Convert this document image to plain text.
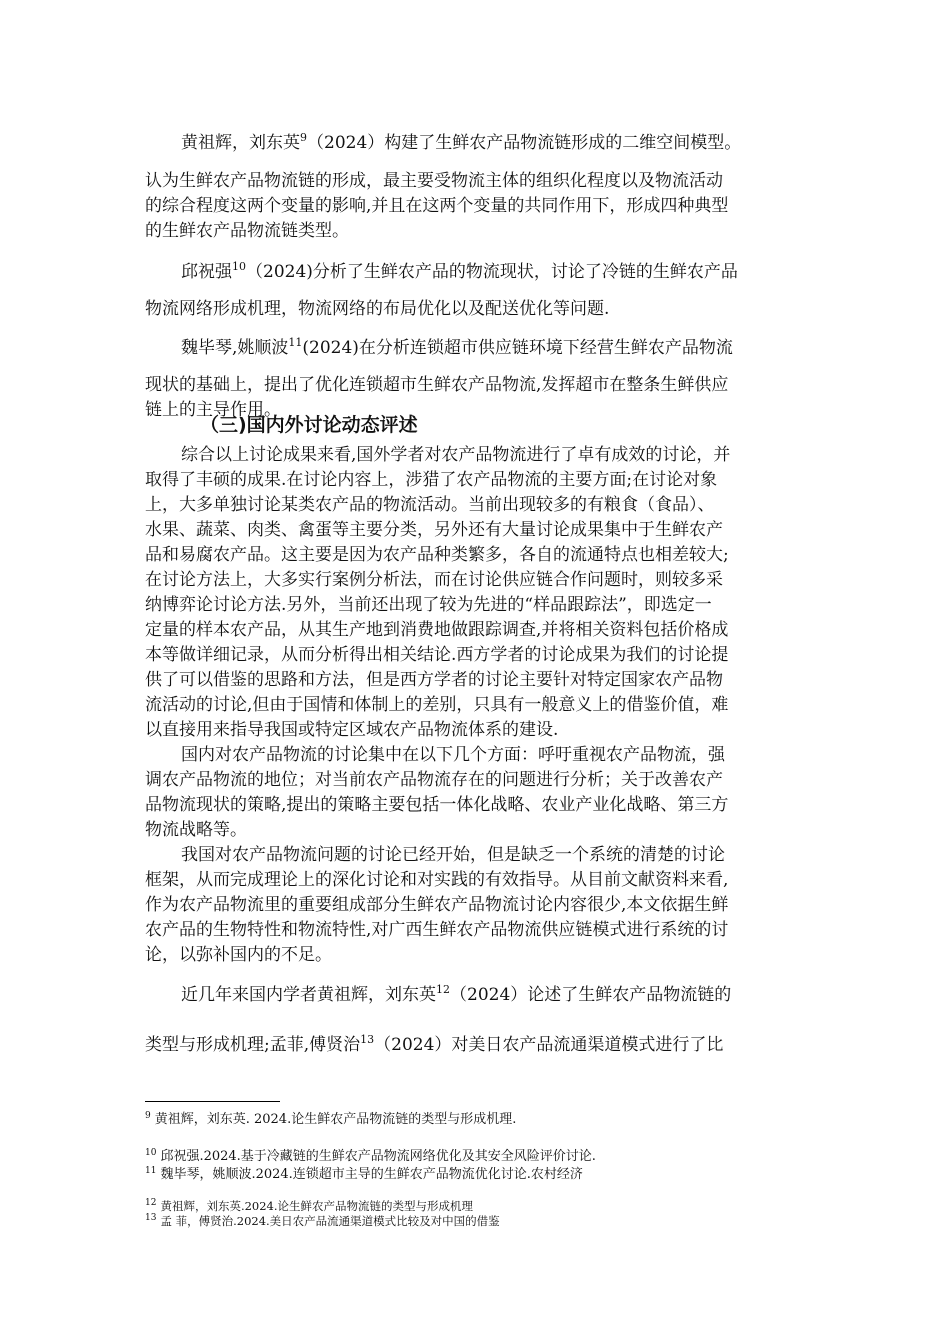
黄祖辉，刘东英$^9$（2024）构建了生鲜农产品物流链形成的二维空间模型。
认为生鲜农产品物流链的形成，最主要受物流主体的组织化程度以及物流活动
的综合程度这两个变量的影响,并且在这两个变量的共同作用下，形成四种典型
的生鲜农产品物流链类型。
邱祝强$^{10}$（2024)分析了生鲜农产品的物流现状，讨论了冷链的生鲜农产品
物流网络形成机理，物流网络的布局优化以及配送优化等问题.
魏毕琴,姚顺波$^{11}$(2024)在分析连锁超市供应链环境下经营生鲜农产品物流
现状的基础上，提出了优化连锁超市生鲜农产品物流,发挥超市在整条生鲜供应
链上的主导作用。
（三)国内外讨论动态评述
综合以上讨论成果来看,国外学者对农产品物流进行了卓有成效的讨论，并
取得了丰硕的成果.在讨论内容上，涉猎了农产品物流的主要方面;在讨论对象
上，大多单独讨论某类农产品的物流活动。当前出现较多的有粮食（食品）、
水果、蔬菜、肉类、禽蛋等主要分类，另外还有大量讨论成果集中于生鲜农产
品和易腐农产品。这主要是因为农产品种类繁多，各自的流通特点也相差较大;
在讨论方法上，大多实行案例分析法，而在讨论供应链合作问题时，则较多采
纳博弈论讨论方法.另外，当前还出现了较为先进的“样品跟踪法”，即选定一
定量的样本农产品，从其生产地到消费地做跟踪调查,并将相关资料包括价格成
本等做详细记录，从而分析得出相关结论.西方学者的讨论成果为我们的讨论提
供了可以借鉴的思路和方法，但是西方学者的讨论主要针对特定国家农产品物
流活动的讨论,但由于国情和体制上的差别，只具有一般意义上的借鉴价值，难
以直接用来指导我国或特定区域农产品物流体系的建设.
国内对农产品物流的讨论集中在以下几个方面：呼吁重视农产品物流，强
调农产品物流的地位；对当前农产品物流存在的问题进行分析；关于改善农产
品物流现状的策略,提出的策略主要包括一体化战略、农业产业化战略、第三方
物流战略等。
我国对农产品物流问题的讨论已经开始，但是缺乏一个系统的清楚的讨论
框架，从而完成理论上的深化讨论和对实践的有效指导。从目前文献资料来看,
作为农产品物流里的重要组成部分生鲜农产品物流讨论内容很少,本文依据生鲜
农产品的生物特性和物流特性,对广西生鲜农产品物流供应链模式进行系统的讨
论，以弥补国内的不足。
近几年来国内学者黄祖辉，刘东英$^{12}$（2024）论述了生鲜农产品物流链的
类型与形成机理;孟菲,傅贤治$^{13}$（2024）对美日农产品流通渠道模式进行了比
$^9$ 黄祖辉，刘东英. 2024.论生鲜农产品物流链的类型与形成机理.
$^{10}$ 邱祝强.2024.基于冷藏链的生鲜农产品物流网络优化及其安全风险评价讨论.
$^{11}$ 魏毕琴，姚顺波.2024.连锁超市主导的生鲜农产品物流优化讨论.农村经济
$^{12}$ 黄祖辉，刘东英.2024.论生鲜农产品物流链的类型与形成机理
$^{13}$ 孟 菲，傅贤治.2024.美日农产品流通渠道模式比较及对中国的借鉴
